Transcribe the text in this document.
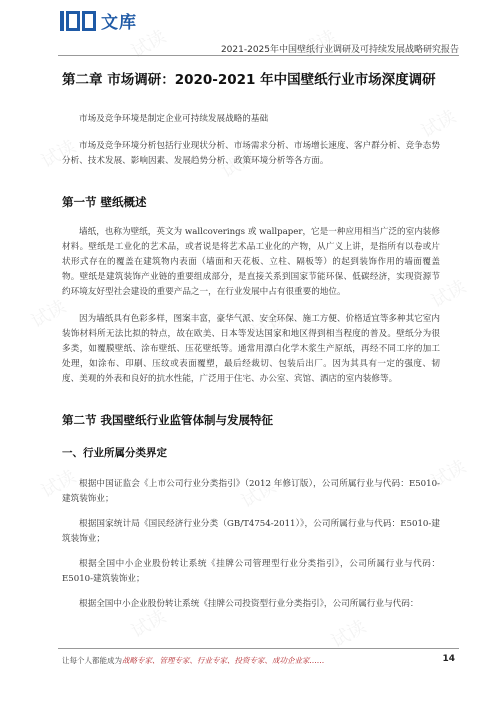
试读	试读
试读	试读
试读
试读	试读
试读
试读	试读
试读
试读	试读
文库
2021-2025年中国壁纸行业调研及可持续发展战略研究报告
第二章 市场调研：2020-2021 年中国壁纸行业市场深度调研

市场及竞争环境是制定企业可持续发展战略的基础

市场及竞争环境分析包括行业现状分析、市场需求分析、市场增长速度、客户群分析、竞争态势分析、技术发展、影响因素、发展趋势分析、政策环境分析等各方面。

第一节 壁纸概述

墙纸，也称为壁纸，英文为 wallcoverings 或 wallpaper，它是一种应用相当广泛的室内装修材料。壁纸是工业化的艺术品，或者说是将艺术品工业化的产物，从广义上讲，是指所有以卷或片状形式存在的覆盖在建筑物内表面（墙面和天花板、立柱、隔板等）的起到装饰作用的墙面覆盖物。壁纸是建筑装饰产业链的重要组成部分，是直接关系到国家节能环保、低碳经济，实现资源节约环境友好型社会建设的重要产品之一，在行业发展中占有很重要的地位。

因为墙纸具有色彩多样，图案丰富，豪华气派、安全环保、施工方便、价格适宜等多种其它室内装饰材料所无法比拟的特点，故在欧美、日本等发达国家和地区得到相当程度的普及。壁纸分为很多类，如覆膜壁纸、涂布壁纸、压花壁纸等。通常用漂白化学木浆生产原纸，再经不同工序的加工处理，如涂布、印刷、压纹或表面覆塑，最后经裁切、包装后出厂。因为其具有一定的强度、韧度、美观的外表和良好的抗水性能，广泛用于住宅、办公室、宾馆、酒店的室内装修等。

第二节 我国壁纸行业监管体制与发展特征
一、行业所属分类界定

根据中国证监会《上市公司行业分类指引》（2012 年修订版），公司所属行业与代码：E5010-建筑装饰业；

根据国家统计局《国民经济行业分类（GB/T4754-2011）》，公司所属行业与代码：E5010-建筑装饰业；

根据全国中小企业股份转让系统《挂牌公司管理型行业分类指引》，公司所属行业与代码：E5010-建筑装饰业；

根据全国中小企业股份转让系统《挂牌公司投资型行业分类指引》，公司所属行业与代码：

让每个人都能成为战略专家、管理专家、行业专家、投资专家、成功企业家……	14
